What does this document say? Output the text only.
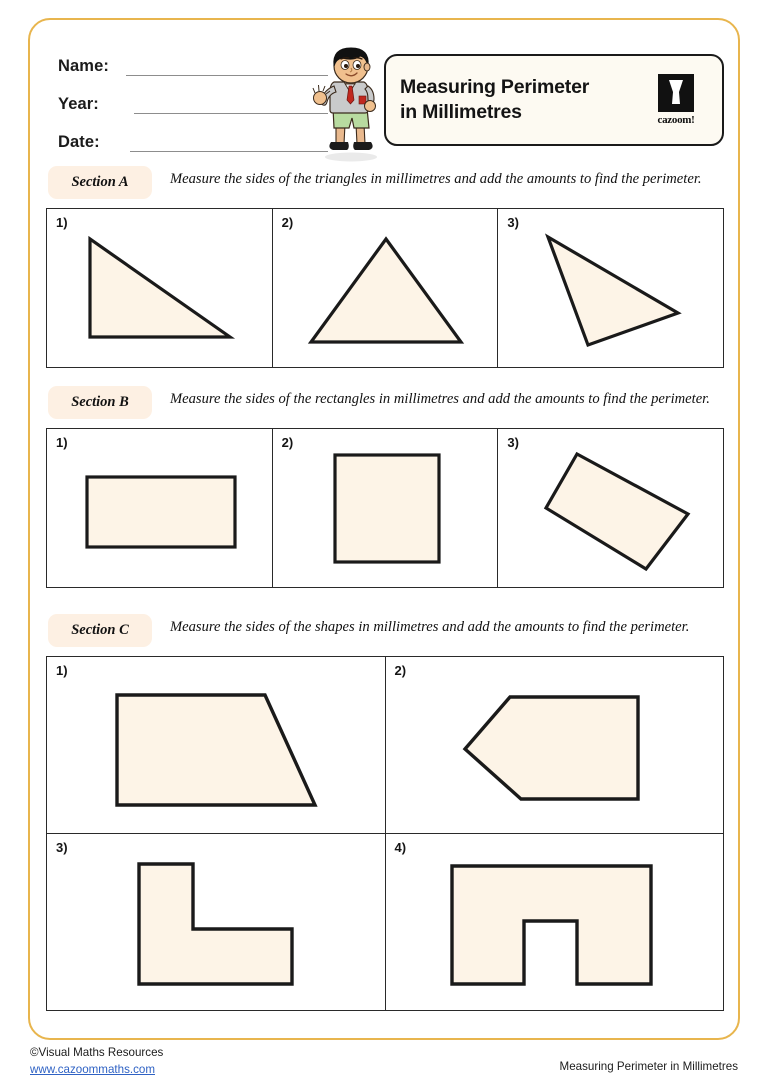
Name:
Year:
Date:
Measuring Perimeter
in Millimetres	cazoom!
Section A	Measure the sides of the triangles in millimetres and add the amounts to find the perimeter.
1)	2)	3)
Section B	Measure the sides of the rectangles in millimetres and add the amounts to find the perimeter.
1)	2)	3)
Section C	Measure the sides of the shapes in millimetres and add the amounts to find the perimeter.
1)	2)
3)	4)
©Visual Maths Resources
www.cazoommaths.com	Measuring Perimeter in Millimetres
